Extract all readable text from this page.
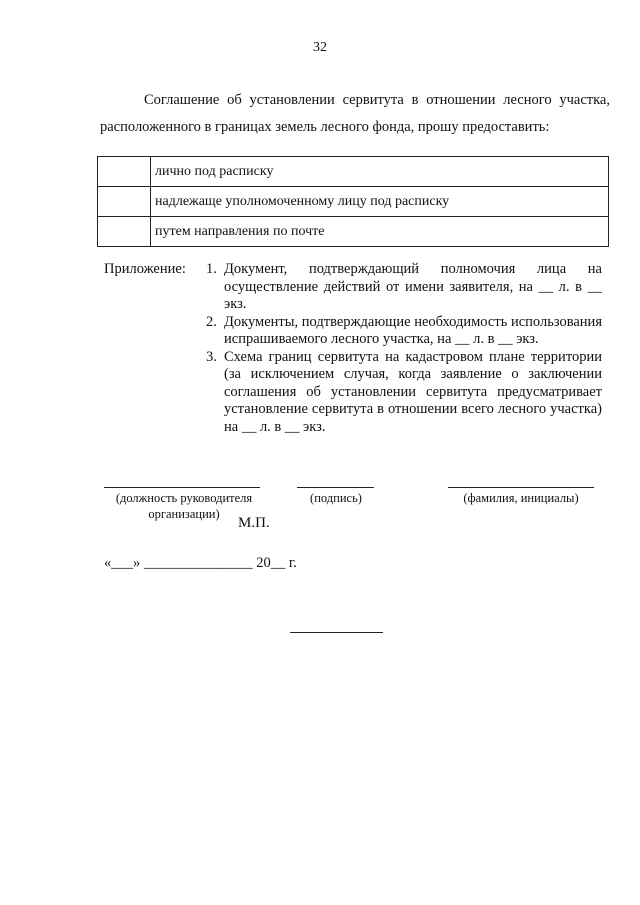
32

Соглашение об установлении сервитута в отношении лесного участка, расположенного в границах земель лесного фонда, прошу предоставить:

	лично под расписку
	надлежаще уполномоченному лицу под расписку
	путем направления по почте
Приложение: 1. Документ, подтверждающий полномочия лица на осуществление действий от имени заявителя, на __ л. в __ экз.
2. Документы, подтверждающие необходимость использования испрашиваемого лесного участка, на __ л. в __ экз.
3. Схема границ сервитута на кадастровом плане территории (за исключением случая, когда заявление о заключении соглашения об установлении сервитута предусматривает установление сервитута в отношении всего лесного участка) на __ л. в __ экз.
(должность руководителя организации)
(подпись)	(фамилия, инициалы)
М.П.
«___» _______________ 20__ г.
